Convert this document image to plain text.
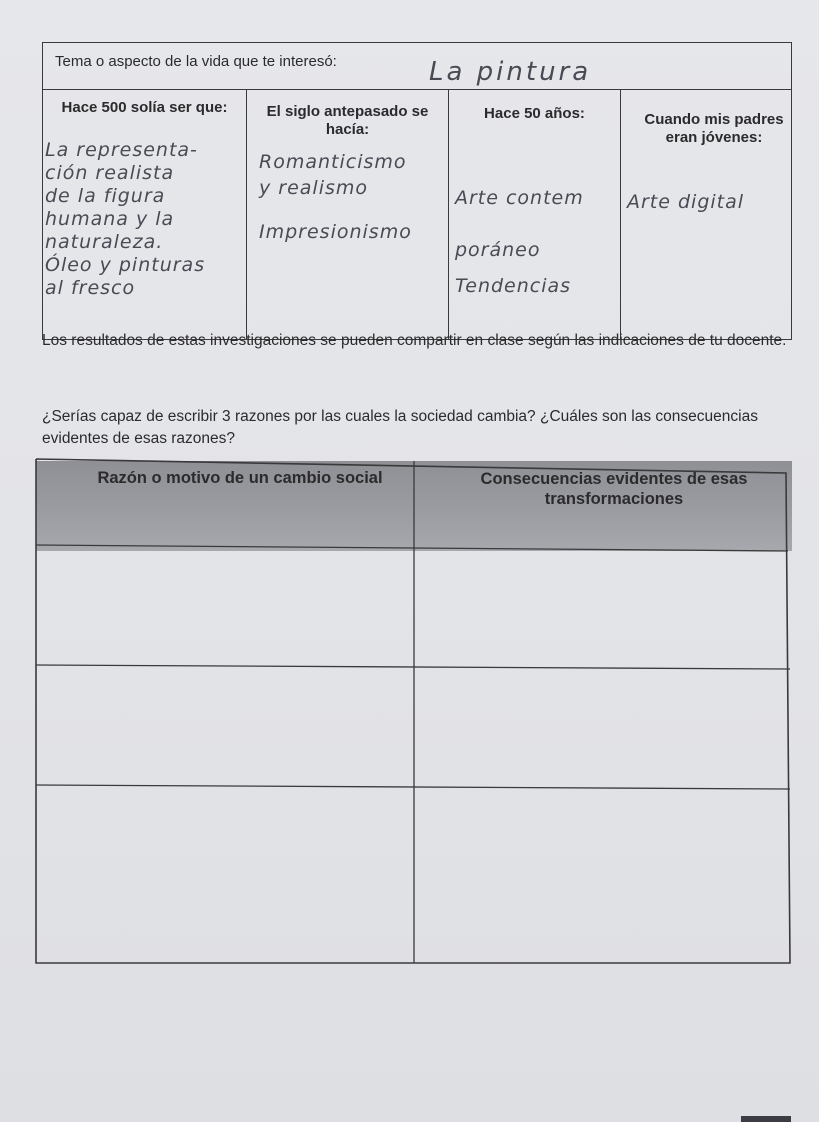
Tema o aspecto de la vida que te interesó:	La pintura
Hace 500 solía ser que:
La representa-
ción realista
de la figura
humana y la
naturaleza.
Óleo y pinturas
al fresco
El siglo antepasado se hacía:
Romanticismo
y realismo
Impresionismo
Hace 50 años:

Arte contem

poráneo

Tendencias

Cuando mis padres eran jóvenes:
Arte digital
Los resultados de estas investigaciones se pueden compartir en clase según las indicaciones de tu docente.
¿Serías capaz de escribir 3 razones por las cuales la sociedad cambia? ¿Cuáles son las consecuencias evidentes de esas razones?
Razón o motivo de un cambio social	Consecuencias evidentes de esas transformaciones
